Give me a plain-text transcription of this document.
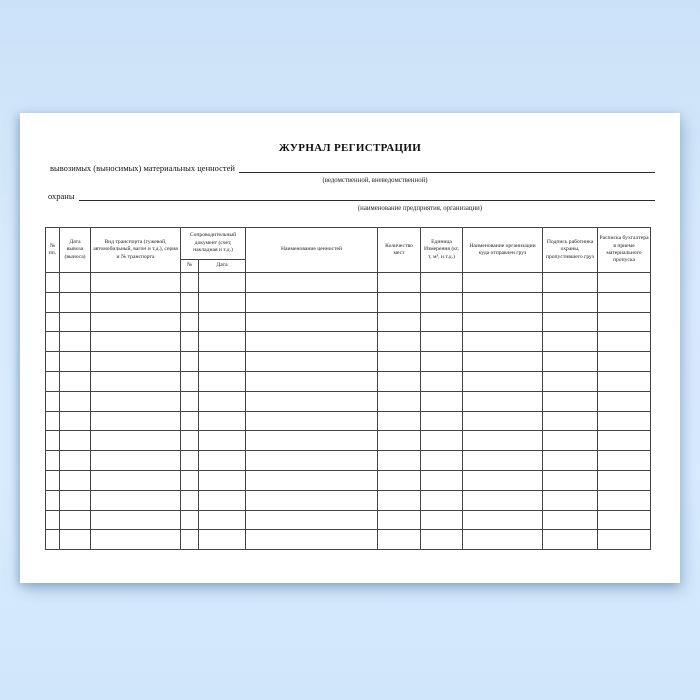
ЖУРНАЛ РЕГИСТРАЦИИ
вывозимых (выносимых) материальных ценностей
(ведомственной, вневедомственной)
охраны
(наименование предприятия, организации)
№ пп.	Дата вывоза (выноса)	Вид транспорта (гужевой, автомобильный, вагон и т.д.), серия и № транспорта	Сопроводительный документ (счет, накладная и т.д.)		Наименование ценностей	Количество мест	Единица Измерения (кг, т, м³, и т.д.)	Наименование организации куда отправлен груз	Подпись работника охраны, пропустившего груз	Расписка бухгалтера в приеме материального пропуска
			№	Дата						
